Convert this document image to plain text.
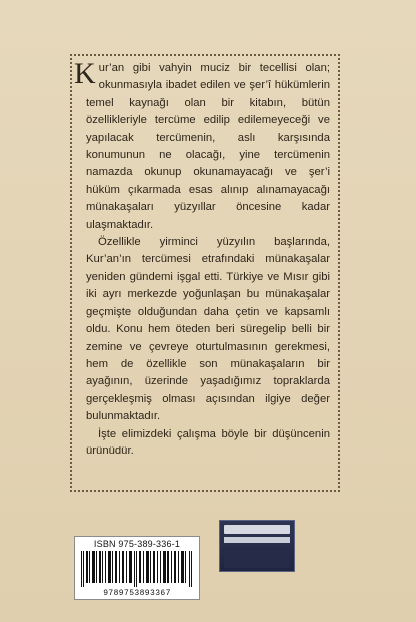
Kur’an gibi vahyin muciz bir tecellisi olan; okunmasıyla ibadet edilen ve şer’î hükümlerin temel kaynağı olan bir kitabın, bütün özellikleriyle tercüme edilip edilemeyeceği ve yapılacak tercümenin, aslı karşısında konumunun ne olacağı, yine tercümenin namazda okunup okunamayacağı ve şer’i hüküm çıkarmada esas alınıp alınamayacağı münakaşaları yüzyıllar öncesine kadar ulaşmaktadır.

Özellikle yirminci yüzyılın başlarında, Kur’an’ın tercümesi etrafındaki münakaşalar yeniden gündemi işgal etti. Türkiye ve Mısır gibi iki ayrı merkezde yoğunlaşan bu münakaşalar geçmişte olduğundan daha çetin ve kapsamlı oldu. Konu hem öteden beri süregelip belli bir zemine ve çevreye oturtulmasının gerekmesi, hem de özellikle son münakaşaların bir ayağının, üzerinde yaşadığımız topraklarda gerçekleşmiş olması açısından ilgiye değer bulunmaktadır.

İşte elimizdeki çalışma böyle bir düşüncenin ürünüdür.

ISBN 975-389-336-1
9789753893367
